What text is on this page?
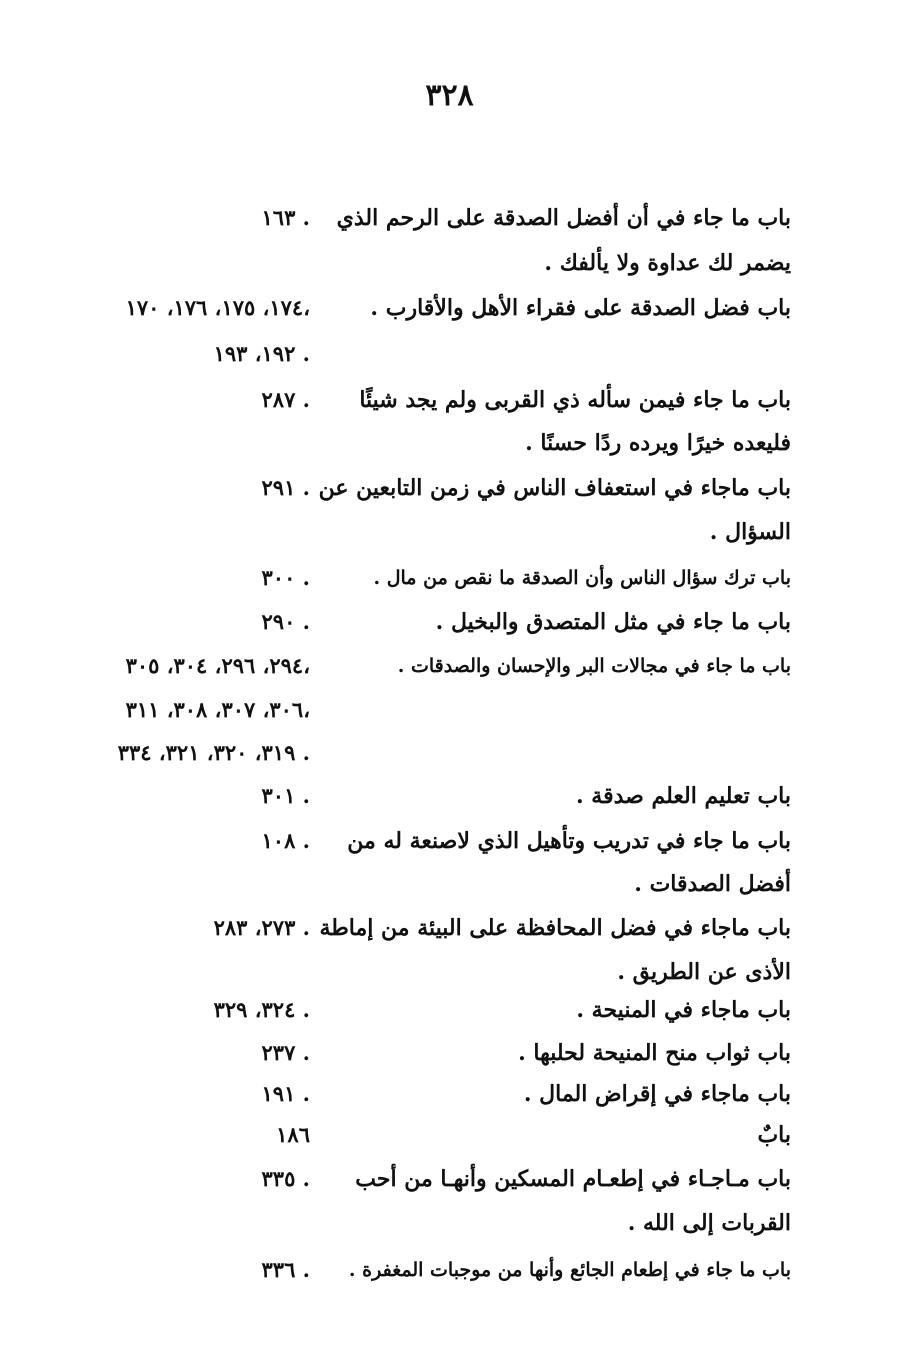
٣٢٨
باب ما جاء في أن أفضل الصدقة على الرحم الذي
١٦٣ .
يضمر لك عداوة ولا يألفك .
باب فضل الصدقة على فقراء الأهل والأقارب .
١٧٤، ١٧٥، ١٧٦، ١٧٠،
١٩٢، ١٩٣ .
باب ما جاء فيمن سأله ذي القربى ولم يجد شيئًا
٢٨٧ .
فليعده خيرًا ويرده ردًا حسنًا .
باب ماجاء في استعفاف الناس في زمن التابعين عن
٢٩١ .
السؤال .
باب ترك سؤال الناس وأن الصدقة ما نقص من مال .
٣٠٠ .
باب ما جاء في مثل المتصدق والبخيل .
٢٩٠ .
باب ما جاء في مجالات البر والإحسان والصدقات .
٢٩٤، ٢٩٦، ٣٠٤، ٣٠٥،
٣٠٦، ٣٠٧، ٣٠٨، ٣١١،
٣١٩، ٣٢٠، ٣٢١، ٣٣٤ .
باب تعليم العلم صدقة .
٣٠١ .
باب ما جاء في تدريب وتأهيل الذي لاصنعة له من
١٠٨ .
أفضل الصدقات .
باب ماجاء في فضل المحافظة على البيئة من إماطة
٢٧٣، ٢٨٣ .
الأذى عن الطريق .
باب ماجاء في المنيحة .
٣٢٤، ٣٢٩ .
باب ثواب منح المنيحة لحلبها .
٢٣٧ .
باب ماجاء في إقراض المال .
١٩١ .
بابٌ
١٨٦
باب مـاجـاء في إطعـام المسكين وأنهـا من أحب
٣٣٥ .
القربات إلى الله .
باب ما جاء في إطعام الجائع وأنها من موجبات المغفرة .
٣٣٦ .
